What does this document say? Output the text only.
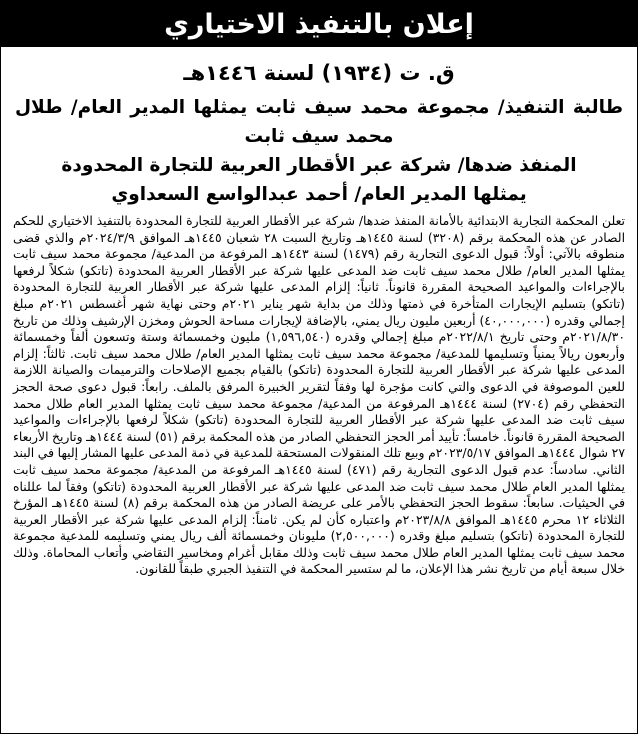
إعلان بالتنفيذ الاختياري
ق. ت (١٩٣٤) لسنة ١٤٤٦هـ
طالبة التنفيذ/ مجموعة محمد سيف ثابت يمثلها المدير العام/ طلال محمد سيف ثابت
المنفذ ضدها/ شركة عبر الأقطار العربية للتجارة المحدودة
يمثلها المدير العام/ أحمد عبدالواسع السعداوي
تعلن المحكمة التجارية الابتدائية بالأمانة المنفذ ضدها/ شركة عبر الأقطار العربية للتجارة المحدودة بالتنفيذ الاختياري للحكم الصادر عن هذه المحكمة برقم (٣٢٠٨) لسنة ١٤٤٥هـ وتاريخ السبت ٢٨ شعبان ١٤٤٥هـ الموافق ٢٠٢٤/٣/٩م والذي قضى منطوقه بالآتي: أولاً: قبول الدعوى التجارية رقم (١٤٧٩) لسنة ١٤٤٣هـ المرفوعة من المدعية/ مجموعة محمد سيف ثابت يمثلها المدير العام/ طلال محمد سيف ثابت ضد المدعى عليها شركة عبر الأقطار العربية المحدودة (تاتكو) شكلاً لرفعها بالإجراءات والمواعيد الصحيحة المقررة قانوناً. ثانياً: إلزام المدعى عليها شركة عبر الأقطار العربية للتجارة المحدودة (تاتكو) بتسليم الإيجارات المتأخرة في ذمتها وذلك من بداية شهر يناير ٢٠٢١م وحتى نهاية شهر أغسطس ٢٠٢١م مبلغ إجمالي وقدره (٤٠,٠٠٠,٠٠٠) أربعين مليون ريال يمني، بالإضافة لإيجارات مساحة الحوش ومخزن الإرشيف وذلك من تاريخ ٢٠٢١/٨/٣٠م وحتى تاريخ ٢٠٢٢/٨/١م مبلغ إجمالي وقدره (١,٥٩٦,٥٤٠) مليون وخمسمائة وستة وتسعون ألفاً وخمسمائة وأربعون ريالاً يمنياً وتسليمها للمدعية/ مجموعة محمد سيف ثابت يمثلها المدير العام/ طلال محمد سيف ثابت. ثالثاً: إلزام المدعى عليها شركة عبر الأقطار العربية للتجارة المحدودة (تاتكو) بالقيام بجميع الإصلاحات والترميمات والصيانة اللازمة للعين الموصوفة في الدعوى والتي كانت مؤجرة لها وفقاً لتقرير الخبيرة المرفق بالملف. رابعاً: قبول دعوى صحة الحجز التحفظي رقم (٢٧٠٤) لسنة ١٤٤٤هـ المرفوعة من المدعية/ مجموعة محمد سيف ثابت يمثلها المدير العام طلال محمد سيف ثابت ضد المدعى عليها شركة عبر الأقطار العربية للتجارة المحدودة (تاتكو) شكلاً لرفعها بالإجراءات والمواعيد الصحيحة المقررة قانوناً. خامساً: تأييد أمر الحجز التحفظي الصادر من هذه المحكمة برقم (٥١) لسنة ١٤٤٤هـ وتاريخ الأربعاء ٢٧ شوال ١٤٤٤هـ الموافق ٢٠٢٣/٥/١٧م وبيع تلك المنقولات المستحقة للمدعية في ذمة المدعى عليها المشار إليها في البند الثاني. سادساً: عدم قبول الدعوى التجارية رقم (٤٧١) لسنة ١٤٤٥هـ المرفوعة من المدعية/ مجموعة محمد سيف ثابت يمثلها المدير العام طلال محمد سيف ثابت ضد المدعى عليها شركة عبر الأقطار العربية المحدودة (تاتكو) وفقاً لما عللناه في الحيثيات. سابعاً: سقوط الحجز التحفظي بالأمر على عريضة الصادر من هذه المحكمة برقم (٨) لسنة ١٤٤٥هـ المؤرخ الثلاثاء ١٢ محرم ١٤٤٥هـ الموافق ٢٠٢٣/٨/٨م واعتباره كأن لم يكن. ثامناً: إلزام المدعى عليها شركة عبر الأقطار العربية للتجارة المحدودة (تاتكو) بتسليم مبلغ وقدره (٢,٥٠٠,٠٠٠) مليونان وخمسمائة ألف ريال يمني وتسليمه للمدعية مجموعة محمد سيف ثابت يمثلها المدير العام طلال محمد سيف ثابت وذلك مقابل أغرام ومخاسير التقاضي وأتعاب المحاماة. وذلك خلال سبعة أيام من تاريخ نشر هذا الإعلان، ما لم ستسير المحكمة في التنفيذ الجبري طبقاً للقانون.
